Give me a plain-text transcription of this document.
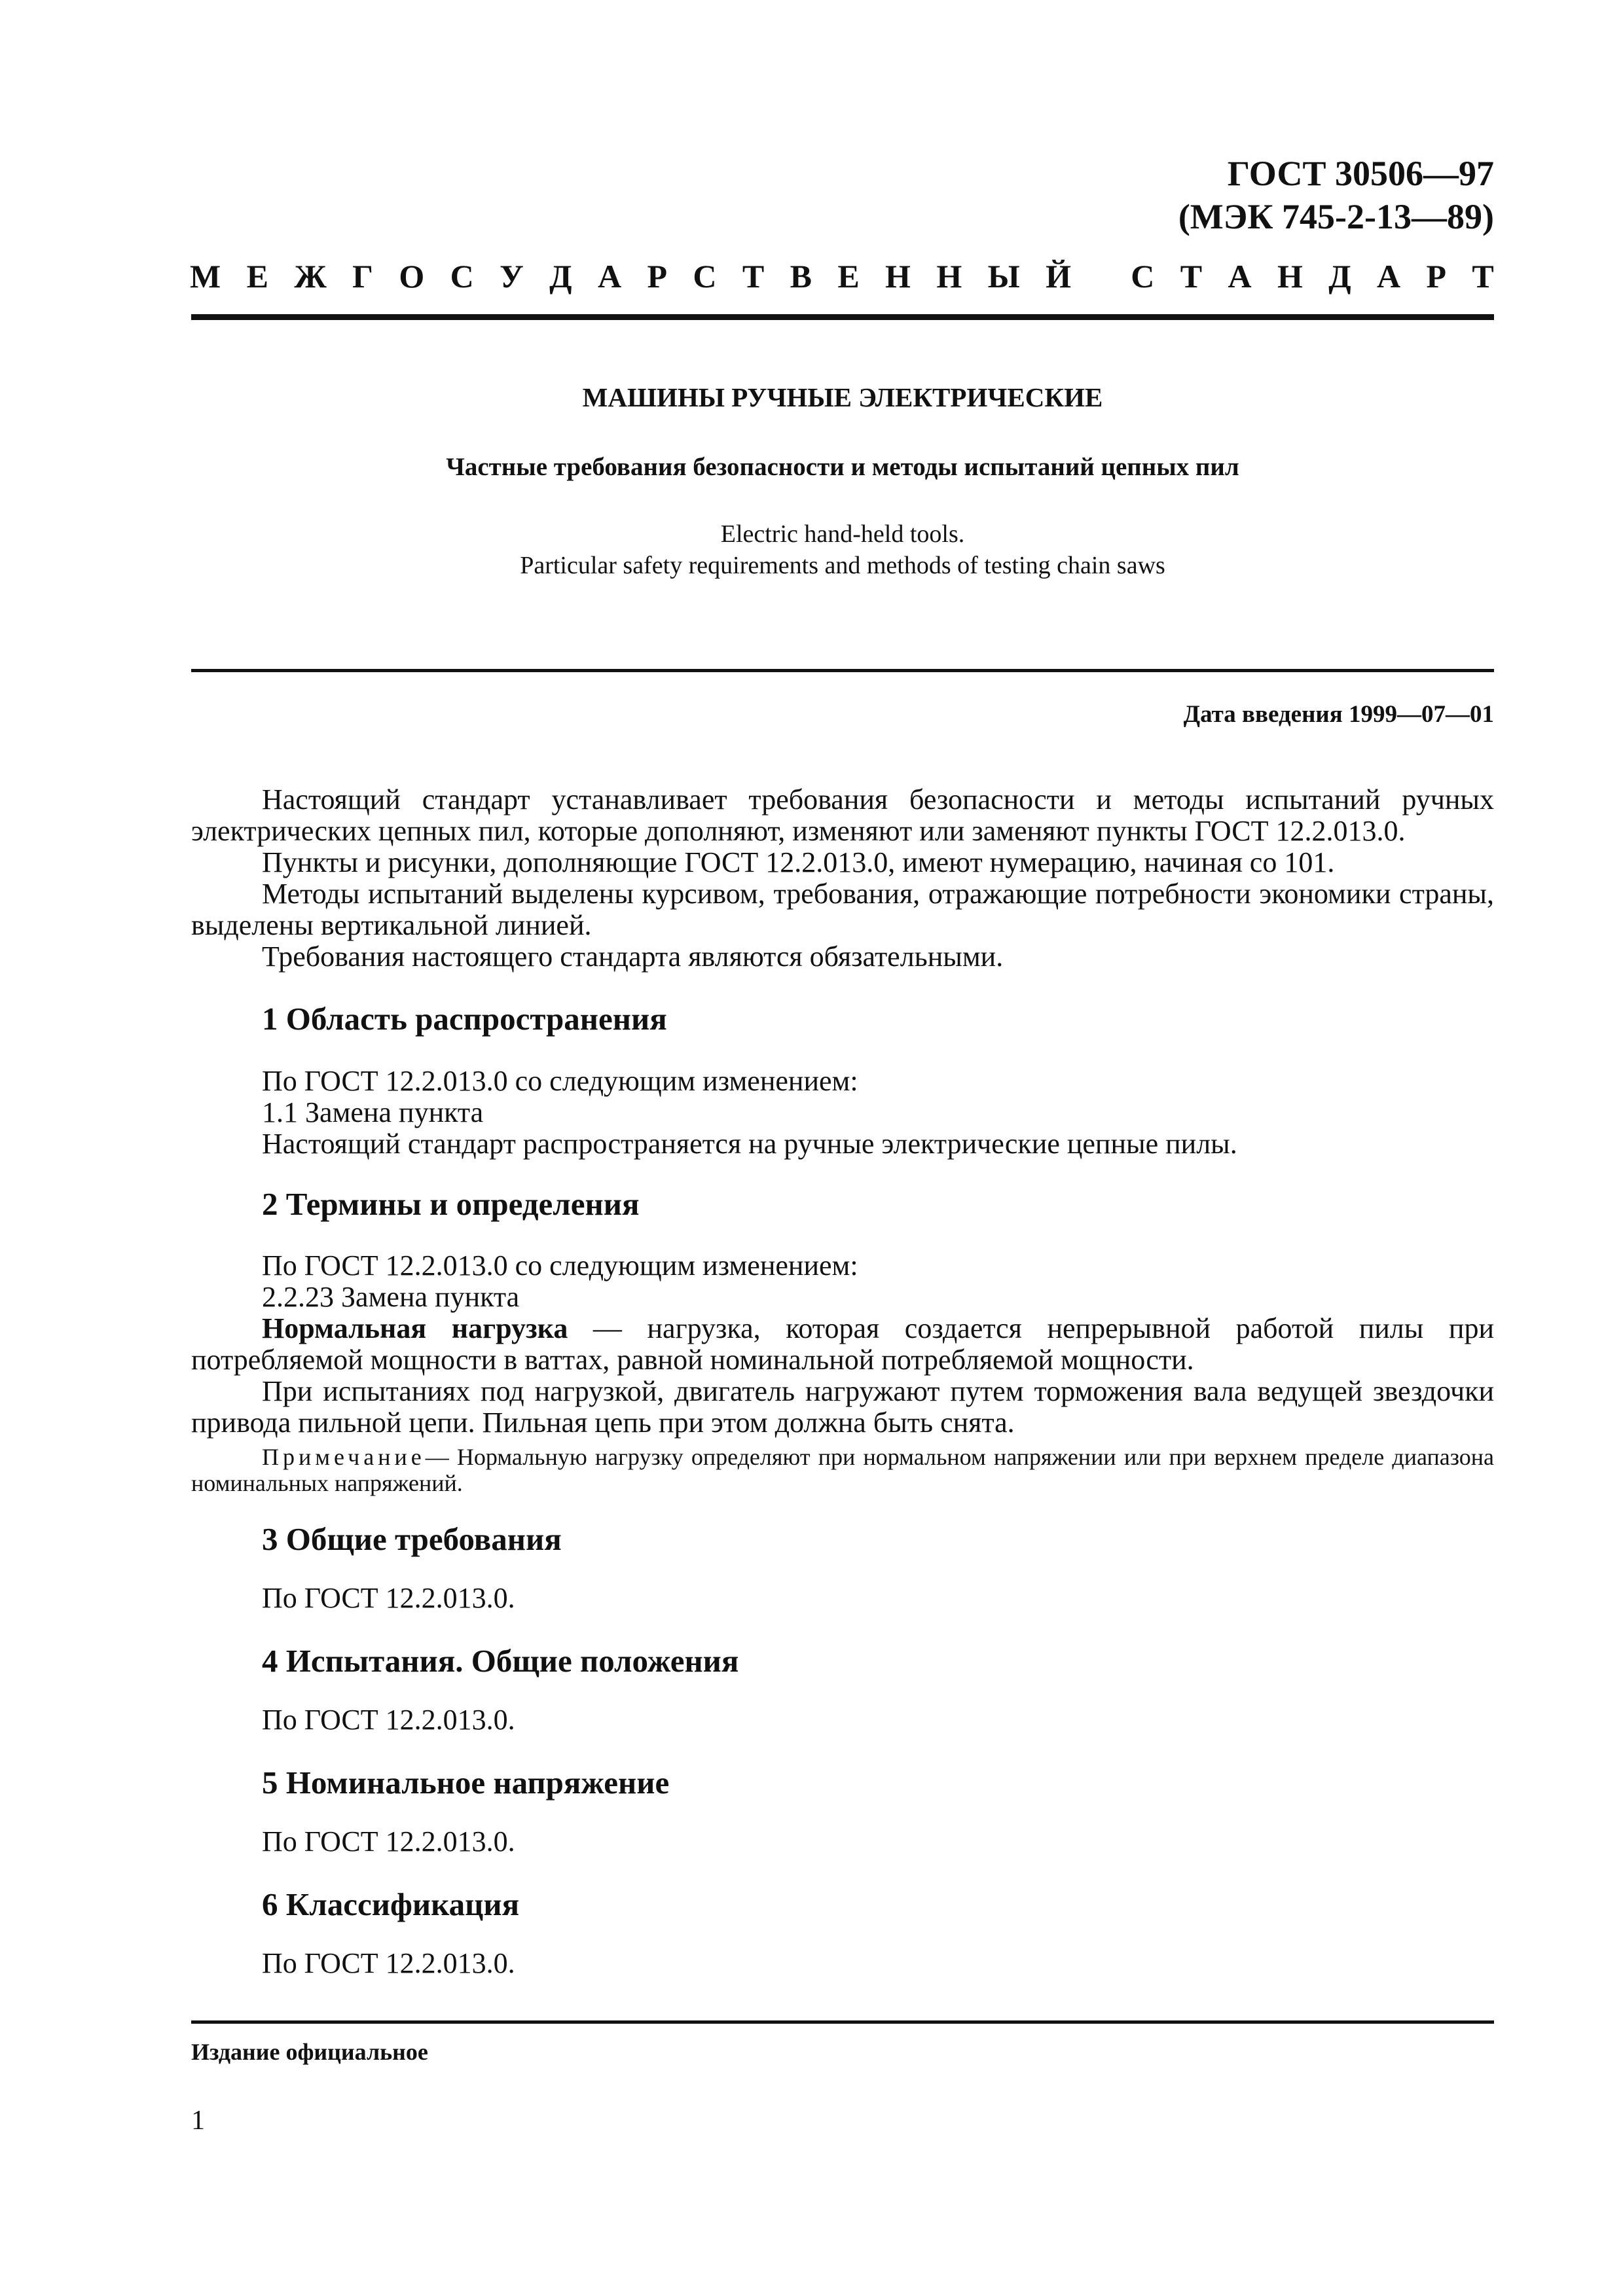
ГОСТ 30506—97
(МЭК 745-2-13—89)
М Е Ж Г О С У Д А Р С Т В Е Н Н Ы Й
С Т А Н Д А Р Т
МАШИНЫ РУЧНЫЕ ЭЛЕКТРИЧЕСКИЕ
Частные требования безопасности и методы испытаний цепных пил
Electric hand-held tools.
Particular safety requirements and methods of testing chain saws
Дата введения 1999—07—01
Настоящий стандарт устанавливает требования безопасности и методы испытаний ручных электрических цепных пил, которые дополняют, изменяют или заменяют пункты ГОСТ 12.2.013.0.
Пункты и рисунки, дополняющие ГОСТ 12.2.013.0, имеют нумерацию, начиная со 101.
Методы испытаний выделены курсивом, требования, отражающие потребности экономики страны, выделены вертикальной линией.
Требования настоящего стандарта являются обязательными.
1 Область распространения
По ГОСТ 12.2.013.0 со следующим изменением:
1.1 Замена пункта
Настоящий стандарт распространяется на ручные электрические цепные пилы.
2 Термины и определения
По ГОСТ 12.2.013.0 со следующим изменением:
2.2.23 Замена пункта
Нормальная нагрузка — нагрузка, которая создается непрерывной работой пилы при потребляемой мощности в ваттах, равной номинальной потребляемой мощности.
При испытаниях под нагрузкой, двигатель нагружают путем торможения вала ведущей звездочки привода пильной цепи. Пильная цепь при этом должна быть снята.
Примечание— Нормальную нагрузку определяют при нормальном напряжении или при верхнем пределе диапазона номинальных напряжений.
3 Общие требования
По ГОСТ 12.2.013.0.
4 Испытания. Общие положения
По ГОСТ 12.2.013.0.
5 Номинальное напряжение
По ГОСТ 12.2.013.0.
6 Классификация
По ГОСТ 12.2.013.0.
Издание официальное
1
